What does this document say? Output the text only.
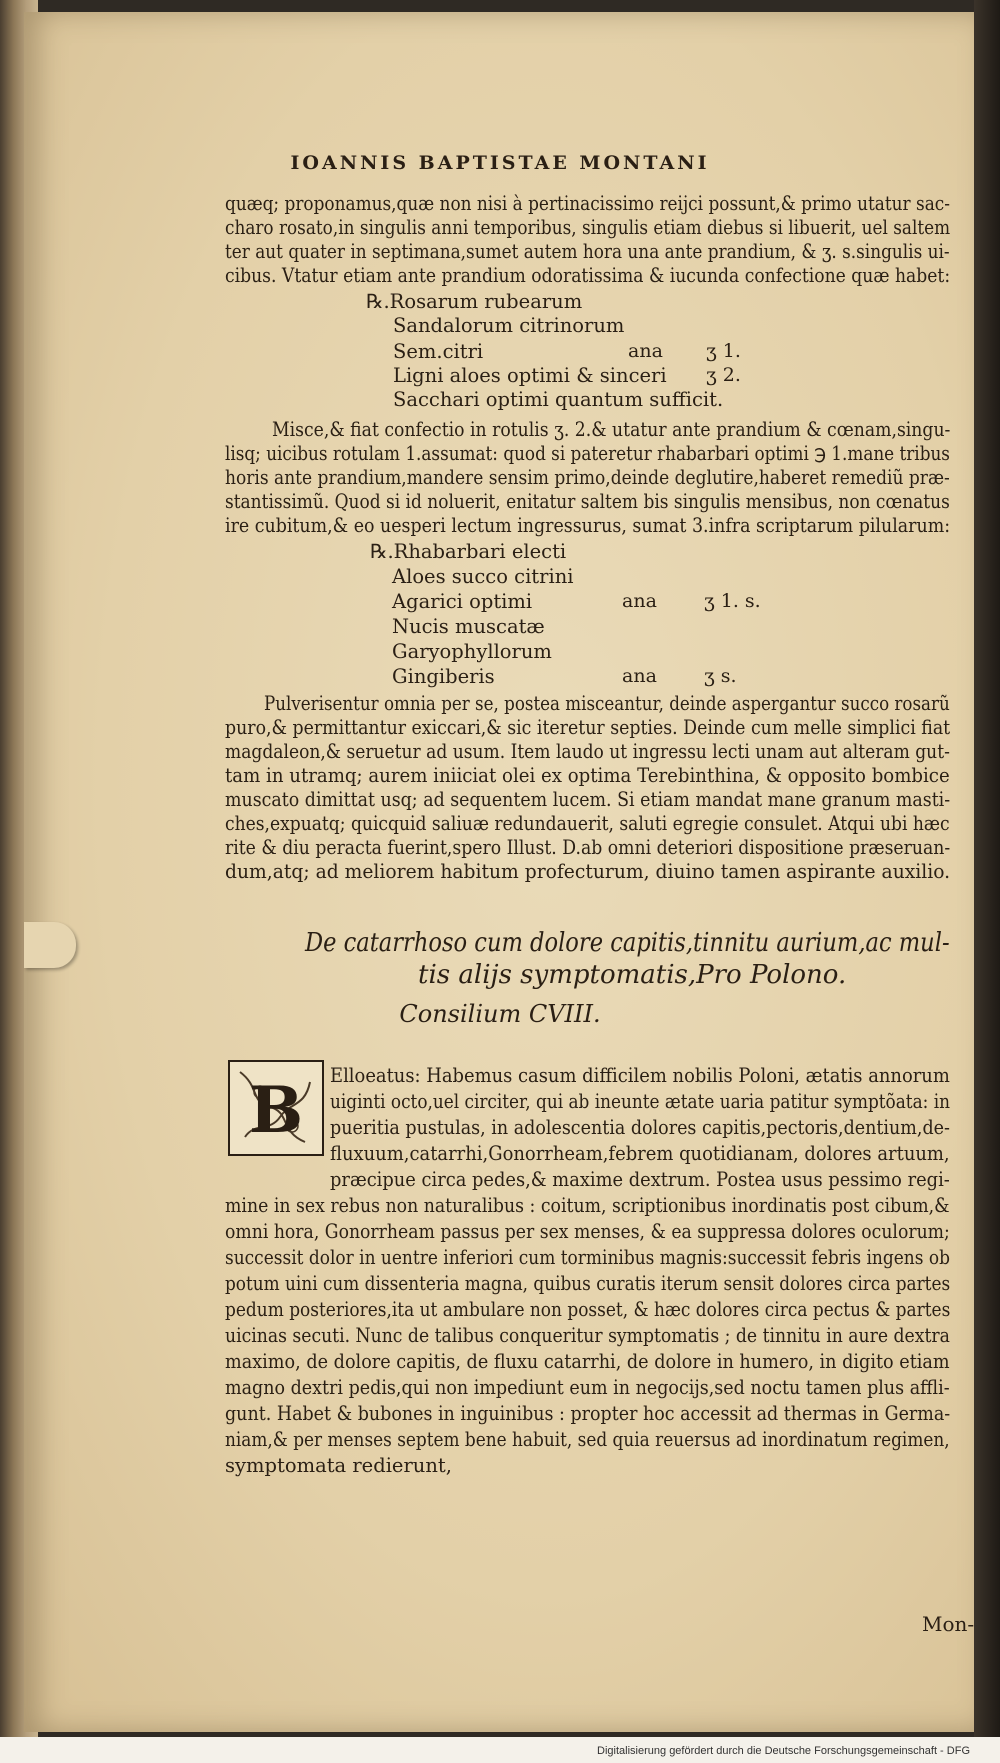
IOANNIS BAPTISTAE MONTANI
quæq; proponamus,quæ non nisi à pertinacissimo reijci possunt,& primo utatur sac-
charo rosato,in singulis anni temporibus, singulis etiam diebus si libuerit, uel saltem
ter aut quater in septimana,sumet autem hora una ante prandium, & ʒ. s.singulis ui-
cibus. Vtatur etiam ante prandium odoratissima & iucunda confectione quæ habet:
℞.Rosarum rubearum
Sandalorum citrinorum
Sem.citri
Ligni aloes optimi & sinceri
Sacchari optimi quantum sufficit.
ana ʒ 1.
ʒ 2.
Misce,& fiat confectio in rotulis ʒ. 2.& utatur ante prandium & cœnam,singu-
lisq; uicibus rotulam 1.assumat: quod si pateretur rhabarbari optimi ℈ 1.mane tribus
horis ante prandium,mandere sensim primo,deinde deglutire,haberet remediũ præ-
stantissimũ. Quod si id noluerit, enitatur saltem bis singulis mensibus, non cœnatus
ire cubitum,& eo uesperi lectum ingressurus, sumat 3.infra scriptarum pilularum:
℞.Rhabarbari electi
Aloes succo citrini
Agarici optimi
Nucis muscatæ
Garyophyllorum
Gingiberis
ana ʒ 1. s.
ana ʒ s.
Pulverisentur omnia per se, postea misceantur, deinde aspergantur succo rosarũ
puro,& permittantur exiccari,& sic iteretur septies. Deinde cum melle simplici fiat
magdaleon,& seruetur ad usum. Item laudo ut ingressu lecti unam aut alteram gut-
tam in utramq; aurem iniiciat olei ex optima Terebinthina, & opposito bombice
muscato dimittat usq; ad sequentem lucem. Si etiam mandat mane granum masti-
ches,expuatq; quicquid saliuæ redundauerit, saluti egregie consulet. Atqui ubi hæc
rite & diu peracta fuerint,spero Illust. D.ab omni deteriori dispositione præseruan-
dum,atq; ad meliorem habitum profecturum, diuino tamen aspirante auxilio.
De catarrhoso cum dolore capitis,tinnitu aurium,ac mul-
tis alijs symptomatis,Pro Polono.
Consilium CVIII.
B Elloeatus: Habemus casum difficilem nobilis Poloni, ætatis annorum
uiginti octo,uel circiter, qui ab ineunte ætate uaria patitur symptõata: in
pueritia pustulas, in adolescentia dolores capitis,pectoris,dentium,de-
fluxuum,catarrhi,Gonorrheam,febrem quotidianam, dolores artuum,
præcipue circa pedes,& maxime dextrum. Postea usus pessimo regi-
mine in sex rebus non naturalibus : coitum, scriptionibus inordinatis post cibum,&
omni hora, Gonorrheam passus per sex menses, & ea suppressa dolores oculorum;
successit dolor in uentre inferiori cum torminibus magnis:successit febris ingens ob
potum uini cum dissenteria magna, quibus curatis iterum sensit dolores circa partes
pedum posteriores,ita ut ambulare non posset, & hæc dolores circa pectus & partes
uicinas secuti. Nunc de talibus conqueritur symptomatis ; de tinnitu in aure dextra
maximo, de dolore capitis, de fluxu catarrhi, de dolore in humero, in digito etiam
magno dextri pedis,qui non impediunt eum in negocijs,sed noctu tamen plus affli-
gunt. Habet & bubones in inguinibus : propter hoc accessit ad thermas in Germa-
niam,& per menses septem bene habuit, sed quia reuersus ad inordinatum regimen,
symptomata redierunt,
Mon-
Digitalisierung gefördert durch die Deutsche Forschungsgemeinschaft - DFG
